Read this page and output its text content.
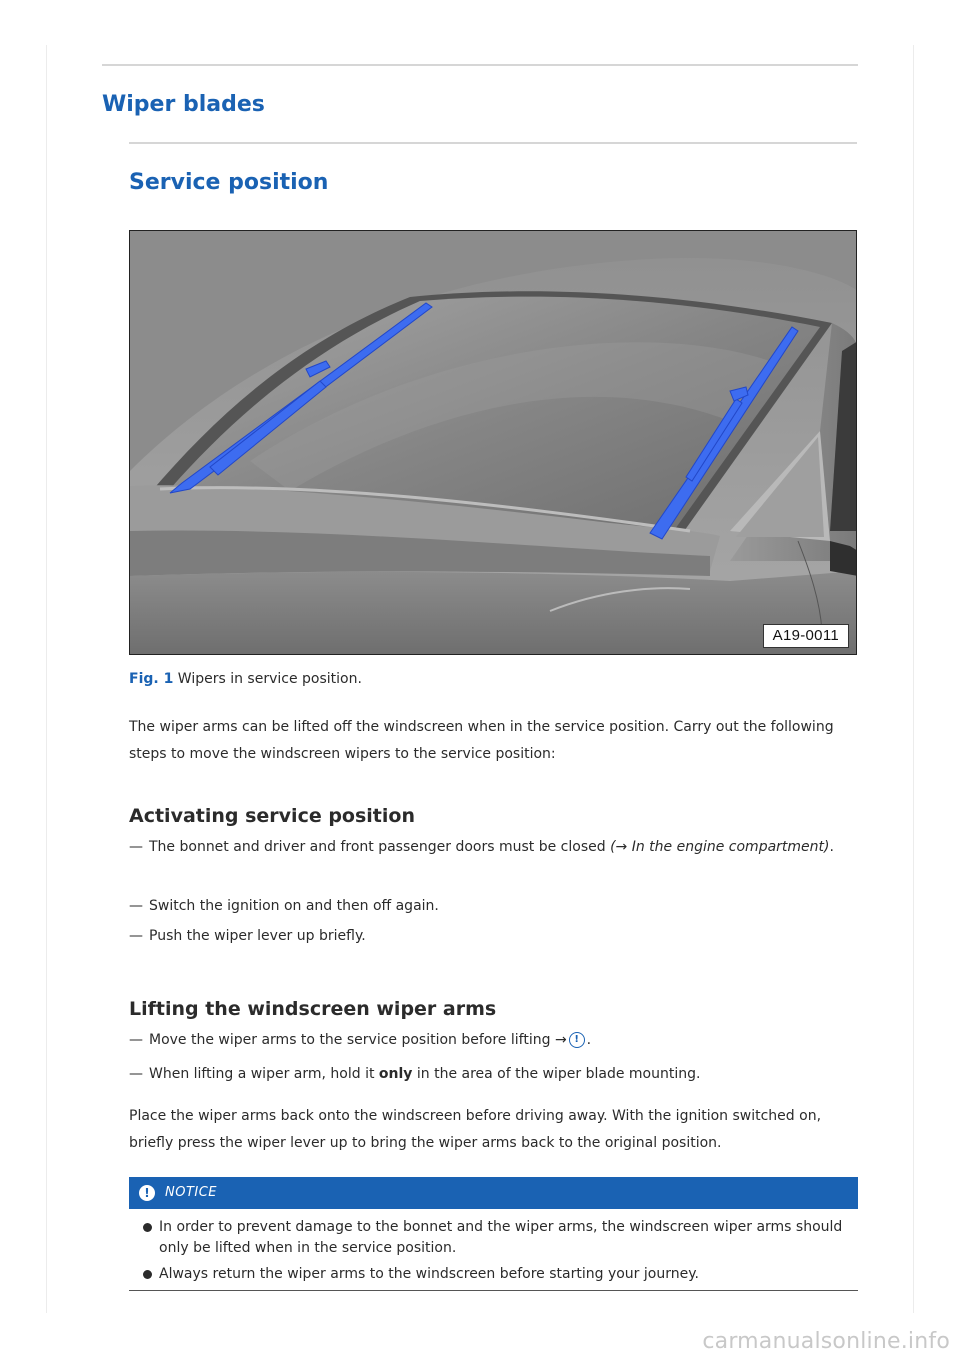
Wiper blades
Service position
A19-0011
Fig. 1 Wipers in service position.

The wiper arms can be lifted off the windscreen when in the service position. Carry out the following steps to move the windscreen wipers to the service position:

Activating service position
— The bonnet and driver and front passenger doors must be closed (→ In the engine compartment).
— Switch the ignition on and then off again.
— Push the wiper lever up briefly.
Lifting the windscreen wiper arms
— Move the wiper arms to the service position before lifting → ! .
— When lifting a wiper arm, hold it only in the area of the wiper blade mounting.

Place the wiper arms back onto the windscreen before driving away. With the ignition switched on, briefly press the wiper lever up to bring the wiper arms back to the original position.

!	NOTICE
In order to prevent damage to the bonnet and the wiper arms, the windscreen wiper arms should only be lifted when in the service position.
Always return the wiper arms to the windscreen before starting your journey.
carmanualsonline.info
